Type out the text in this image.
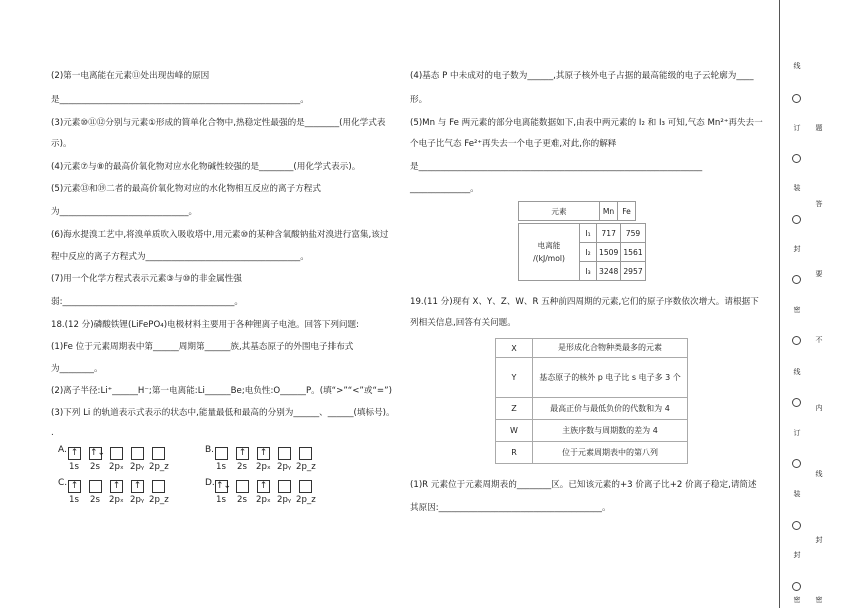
(2)第一电离能在元素⑪处出现齿峰的原因
是________________________________________________________。
(3)元素⑩⑪⑫分别与元素①形成的简单化合物中,热稳定性最强的是________(用化学式表
示)。
(4)元素⑦与⑧的最高价氧化物对应水化物碱性较强的是________(用化学式表示)。
(5)元素⑬和⑲二者的最高价氧化物对应的水化物相互反应的离子方程式
为______________________________。
(6)海水提溴工艺中,将溴单质吹入吸收塔中,用元素⑩的某种含氧酸钠盐对溴进行富集,该过
程中反应的离子方程式为____________________________________。
(7)用一个化学方程式表示元素③与⑩的非金属性强
弱:________________________________________。
18.(12 分)磷酸铁锂(LiFePO₄)电极材料主要用于各种锂离子电池。回答下列问题:
(1)Fe 位于元素周期表中第______周期第______族,其基态原子的外围电子排布式
为________。
(2)离子半径:Li⁺______H⁻;第一电离能:Li______Be;电负性:O______P。(填“>”“<”或“=”)
(3)下列 Li 的轨道表示式表示的状态中,能量最低和最高的分别为______、______(填标号)。
.
A. ↑	↑↓
1s 2s 2pₓ 2pᵧ 2p_z
B.	↑	↑
1s 2s 2pₓ 2pᵧ 2p_z
C. ↑	↑	↑
1s 2s 2pₓ 2pᵧ 2p_z
D. ↑↓	↑
1s 2s 2pₓ 2pᵧ 2p_z
(4)基态 P 中未成对的电子数为______,其原子核外电子占据的最高能级的电子云轮廓为____
形。
(5)Mn 与 Fe 两元素的部分电离能数据如下,由表中两元素的 I₂ 和 I₃ 可知,气态 Mn²⁺再失去一
个电子比气态 Fe²⁺再失去一个电子更难,对此,你的解释
是__________________________________________________________________
______________。
元素	Mn	Fe
电离能
/(kJ/mol)	I₁	717	759
	I₂	1509	1561
	I₃	3248	2957
19.(11 分)现有 X、Y、Z、W、R 五种前四周期的元素,它们的原子序数依次增大。请根据下
列相关信息,回答有关问题。
X	是形成化合物种类最多的元素
Y	基态原子的核外 p 电子比 s 电子多 3 个
Z	最高正价与最低负价的代数和为 4
W	主族序数与周期数的差为 4
R	位于元素周期表中的第八列
(1)R 元素位于元素周期表的________区。已知该元素的+3 价离子比+2 价离子稳定,请简述
其原因:______________________________________。
线
订
装
封
密
线
订
装
封
密
题
答
要
不
内
线
封
密
